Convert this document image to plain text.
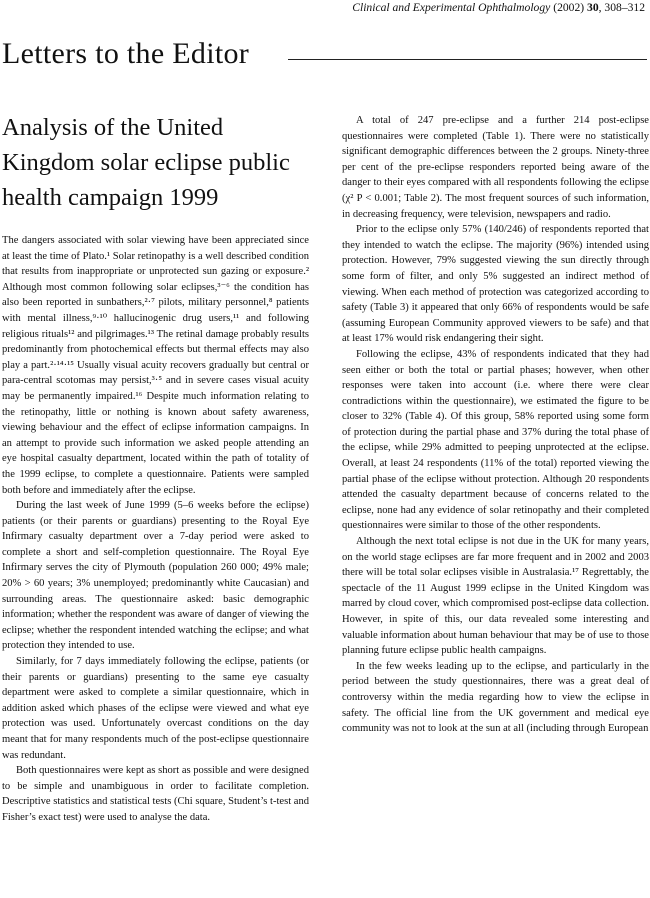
Clinical and Experimental Ophthalmology (2002) 30, 308–312
Letters to the Editor
Analysis of the United Kingdom solar eclipse public health campaign 1999

The dangers associated with solar viewing have been appreciated since at least the time of Plato.¹ Solar retinopathy is a well described condition that results from inappropriate or unprotected sun gazing or exposure.² Although most common following solar eclipses,³⁻⁶ the condition has also been reported in sunbathers,²·⁷ pilots, military personnel,⁸ patients with mental illness,⁹·¹⁰ hallucinogenic drug users,¹¹ and following religious rituals¹² and pilgrimages.¹³ The retinal damage probably results predominantly from photochemical effects but thermal effects may also play a part.²·¹⁴·¹⁵ Usually visual acuity recovers gradually but central or para-central scotomas may persist,³·⁵ and in severe cases visual acuity may be permanently impaired.¹⁶ Despite much information relating to the retinopathy, little or nothing is known about safety awareness, viewing behaviour and the effect of eclipse information campaigns. In an attempt to provide such information we asked people attending an eye hospital casualty department, located within the path of totality of the 1999 eclipse, to complete a questionnaire. Patients were sampled both before and immediately after the eclipse.

During the last week of June 1999 (5–6 weeks before the eclipse) patients (or their parents or guardians) presenting to the Royal Eye Infirmary casualty department over a 7-day period were asked to complete a short and self-completion questionnaire. The Royal Eye Infirmary serves the city of Plymouth (population 260 000; 49% male; 20% > 60 years; 3% unemployed; predominantly white Caucasian) and surrounding areas. The questionnaire asked: basic demographic information; whether the respondent was aware of danger of viewing the eclipse; whether the respondent intended watching the eclipse; and what protection they intended to use.

Similarly, for 7 days immediately following the eclipse, patients (or their parents or guardians) presenting to the same eye casualty department were asked to complete a similar questionnaire, which in addition asked which phases of the eclipse were viewed and what eye protection was used. Unfortunately overcast conditions on the day meant that for many respondents much of the post-eclipse questionnaire was redundant.

Both questionnaires were kept as short as possible and were designed to be simple and unambiguous in order to facilitate completion. Descriptive statistics and statistical tests (Chi square, Student’s t-test and Fisher’s exact test) were used to analyse the data.

A total of 247 pre-eclipse and a further 214 post-eclipse questionnaires were completed (Table 1). There were no statistically significant demographic differences between the 2 groups. Ninety-three per cent of the pre-eclipse responders reported being aware of the danger to their eyes compared with all respondents following the eclipse (χ² P < 0.001; Table 2). The most frequent sources of such information, in decreasing frequency, were television, newspapers and radio.

Prior to the eclipse only 57% (140/246) of respondents reported that they intended to watch the eclipse. The majority (96%) intended using protection. However, 79% suggested viewing the sun directly through some form of filter, and only 5% suggested an indirect method of viewing. When each method of protection was categorized according to safety (Table 3) it appeared that only 66% of respondents would be safe (assuming European Community approved viewers to be safe) and that at least 17% would risk endangering their sight.

Following the eclipse, 43% of respondents indicated that they had seen either or both the total or partial phases; however, when other responses were taken into account (i.e. where there were clear contradictions within the questionnaire), we estimated the figure to be closer to 32% (Table 4). Of this group, 58% reported using some form of protection during the partial phase and 37% during the total phase of the eclipse, while 29% admitted to peeping unprotected at the eclipse. Overall, at least 24 respondents (11% of the total) reported viewing the partial phase of the eclipse without protection. Although 20 respondents attended the casualty department because of concerns related to the eclipse, none had any evidence of solar retinopathy and their completed questionnaires were similar to those of the other respondents.

Although the next total eclipse is not due in the UK for many years, on the world stage eclipses are far more frequent and in 2002 and 2003 there will be total solar eclipses visible in Australasia.¹⁷ Regrettably, the spectacle of the 11 August 1999 eclipse in the United Kingdom was marred by cloud cover, which compromised post-eclipse data collection. However, in spite of this, our data revealed some interesting and valuable information about human behaviour that may be of use to those planning future eclipse public health campaigns.

In the few weeks leading up to the eclipse, and particularly in the period between the study questionnaires, there was a great deal of controversy within the media regarding how to view the eclipse in safety. The official line from the UK government and medical eye community was not to look at the sun at all (including through European
